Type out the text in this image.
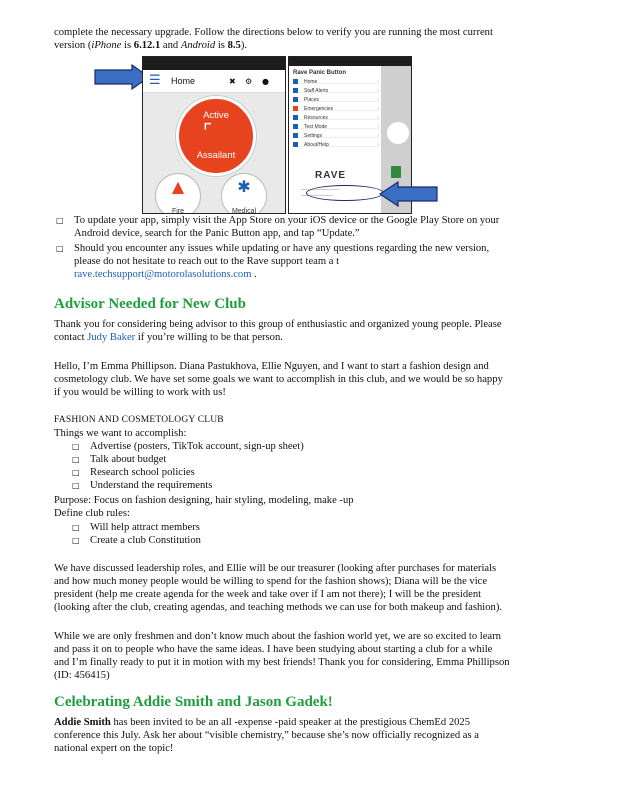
complete the necessary upgrade. Follow the directions below to verify you are running the most current
version (iPhone is 6.12.1 and Android is 8.5).

☰ Home	✖ ⚙ ●
Active
⌜
Assailant
▲
Fire
✱
Medical
Rave Panic Button
Home	›
Staff Alerts	›
Places	›
Emergencies	›
Resources	›
Test Mode	›
Settings	›
About/Help	›
RAVE
────────────
──────────
□ To update your app, simply visit the App Store on your iOS device or the Google Play Store on your
Android device, search for the Panic Button app, and tap “Update.”
□ Should you encounter any issues while updating or have any questions regarding the new version,
please do not hesitate to reach out to the Rave support team a t
rave.techsupport@motorolasolutions.com .
Advisor Needed for New Club

Thank you for considering being advisor to this group of enthusiastic and organized young people. Please
contact Judy Baker if you’re willing to be that person.

Hello, I’m Emma Phillipson. Diana Pastukhova, Ellie Nguyen, and I want to start a fashion design and
cosmetology club. We have set some goals we want to accomplish in this club, and we would be so happy
if you would be willing to work with us!

FASHION AND COSMETOLOGY CLUB
Things we want to accomplish:

□ Advertise (posters, TikTok account, sign-up sheet)
□ Talk about budget
□ Research school policies
□ Understand the requirements

Purpose: Focus on fashion designing, hair styling, modeling, make -up
Define club rules:

□ Will help attract members
□ Create a club Constitution

We have discussed leadership roles, and Ellie will be our treasurer (looking after purchases for materials
and how much money people would be willing to spend for the fashion shows); Diana will be the vice
president (help me create agenda for the week and take over if I am not there); I will be the president
(looking after the club, creating agendas, and teaching methods we can use for both makeup and fashion).

While we are only freshmen and don’t know much about the fashion world yet, we are so excited to learn
and pass it on to people who have the same ideas. I have been studying about starting a club for a while
and I’m finally ready to put it in motion with my best friends! Thank you for considering, Emma Phillipson
(ID: 456415)

Celebrating Addie Smith and Jason Gadek!

Addie Smith has been invited to be an all -expense -paid speaker at the prestigious ChemEd 2025
conference this July. Ask her about “visible chemistry,” because she’s now officially recognized as a
national expert on the topic!
